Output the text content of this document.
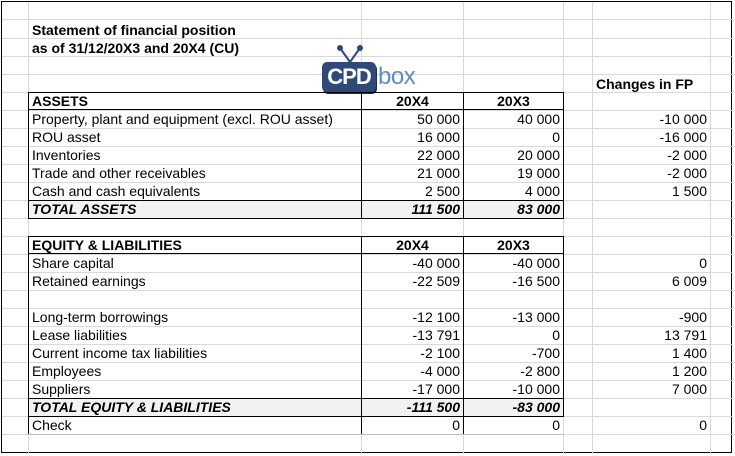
Statement of financial position
as of 31/12/20X3 and 20X4 (CU)
CPD box	Changes in FP
ASSETS	20X4	20X3
Property, plant and equipment (excl. ROU asset)	50 000	40 000	-10 000
ROU asset	16 000	0	-16 000
Inventories	22 000	20 000	-2 000
Trade and other receivables	21 000	19 000	-2 000
Cash and cash equivalents	2 500	4 000	1 500
TOTAL ASSETS	111 500	83 000
EQUITY & LIABILITIES	20X4	20X3
Share capital	-40 000	-40 000	0
Retained earnings	-22 509	-16 500	6 009
Long-term borrowings	-12 100	-13 000	-900
Lease liabilities	-13 791	0	13 791
Current income tax liabilities	-2 100	-700	1 400
Employees	-4 000	-2 800	1 200
Suppliers	-17 000	-10 000	7 000
TOTAL EQUITY & LIABILITIES	-111 500	-83 000
Check	0	0	0
